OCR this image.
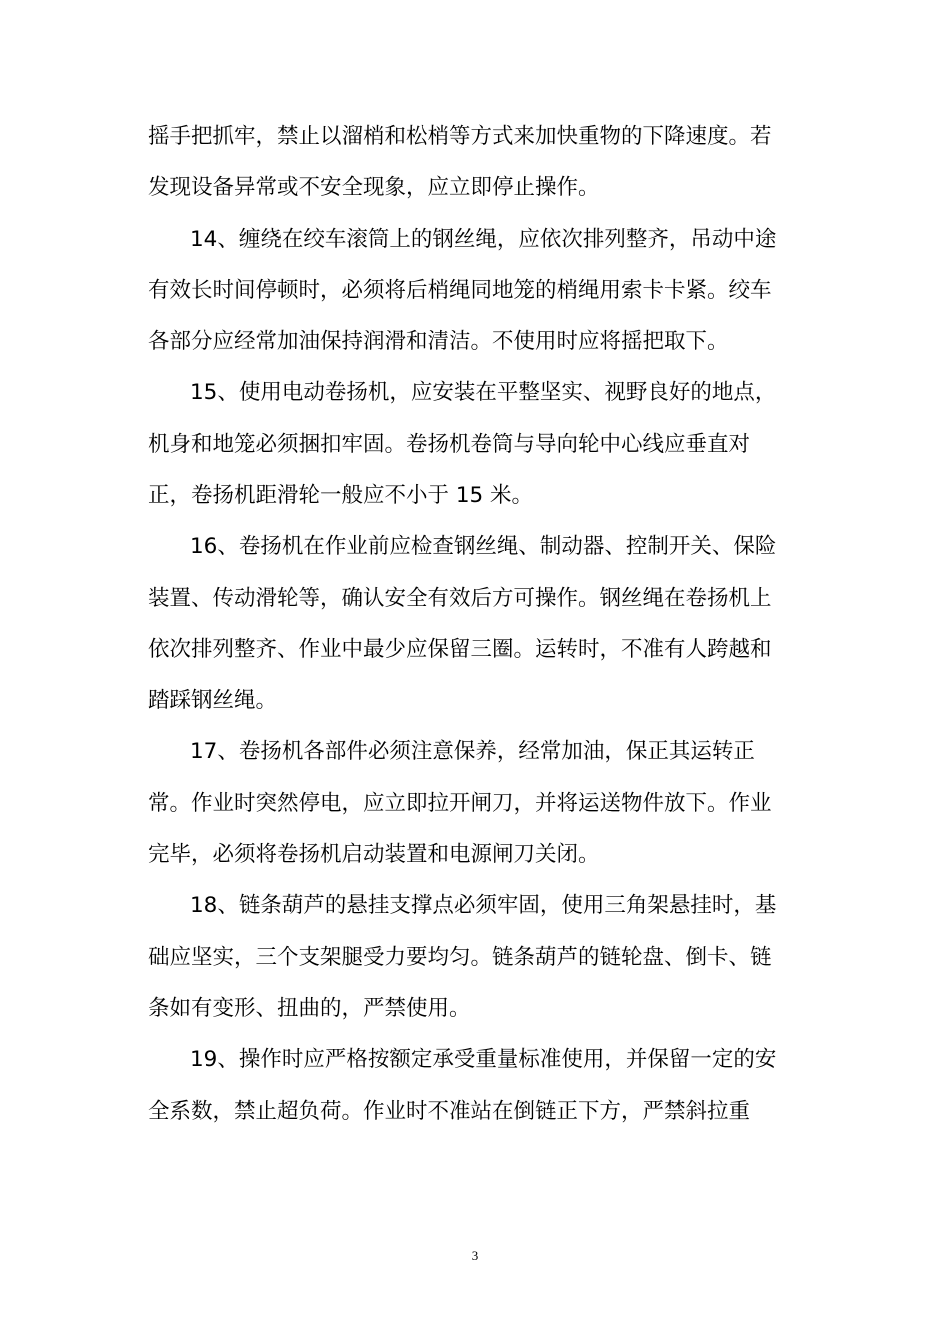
摇手把抓牢，禁止以溜梢和松梢等方式来加快重物的下降速度。若
发现设备异常或不安全现象，应立即停止操作。
14、缠绕在绞车滚筒上的钢丝绳，应依次排列整齐，吊动中途
有效长时间停顿时，必须将后梢绳同地笼的梢绳用索卡卡紧。绞车
各部分应经常加油保持润滑和清洁。不使用时应将摇把取下。
15、使用电动卷扬机，应安装在平整坚实、视野良好的地点，
机身和地笼必须捆扣牢固。卷扬机卷筒与导向轮中心线应垂直对
正，卷扬机距滑轮一般应不小于 15 米。
16、卷扬机在作业前应检查钢丝绳、制动器、控制开关、保险
装置、传动滑轮等，确认安全有效后方可操作。钢丝绳在卷扬机上
依次排列整齐、作业中最少应保留三圈。运转时，不准有人跨越和
踏踩钢丝绳。
17、卷扬机各部件必须注意保养，经常加油，保正其运转正
常。作业时突然停电，应立即拉开闸刀，并将运送物件放下。作业
完毕，必须将卷扬机启动装置和电源闸刀关闭。
18、链条葫芦的悬挂支撑点必须牢固，使用三角架悬挂时，基
础应坚实，三个支架腿受力要均匀。链条葫芦的链轮盘、倒卡、链
条如有变形、扭曲的，严禁使用。
19、操作时应严格按额定承受重量标准使用，并保留一定的安
全系数，禁止超负荷。作业时不准站在倒链正下方，严禁斜拉重
3
